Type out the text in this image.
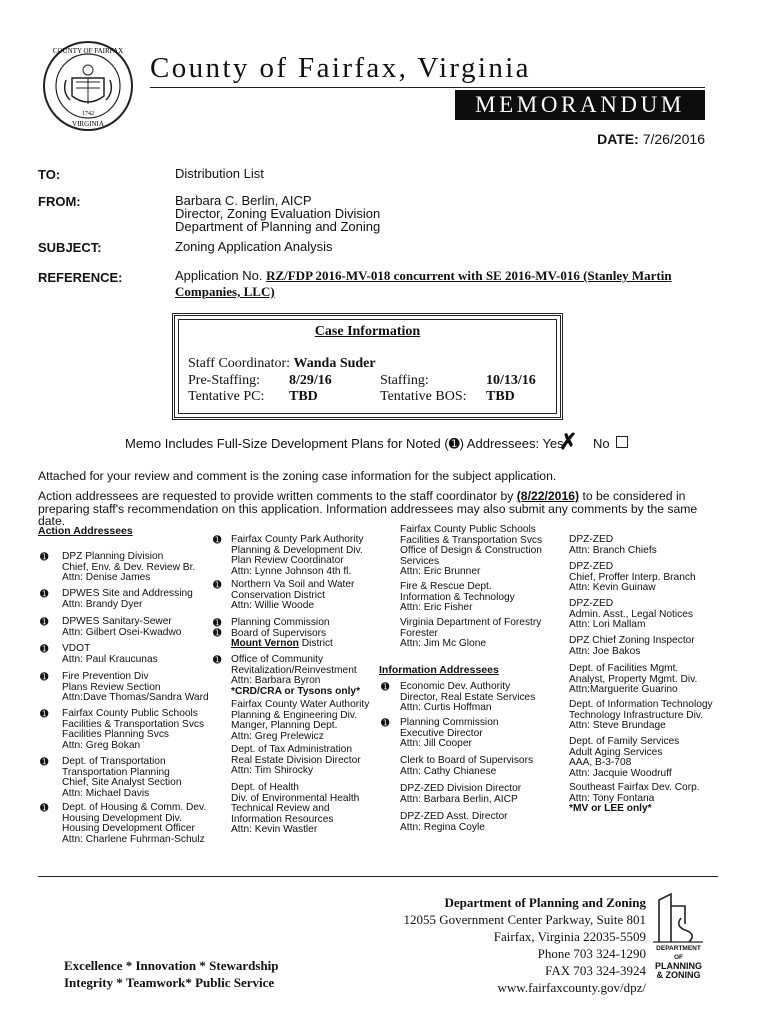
COUNTY OF FAIRFAX
VIRGINIA
1742
County of Fairfax, Virginia
MEMORANDUM
DATE: 7/26/2016
TO:	Distribution List
FROM:	Barbara C. Berlin, AICP
Director, Zoning Evaluation Division
Department of Planning and Zoning
SUBJECT:	Zoning Application Analysis
REFERENCE:	Application No. RZ/FDP 2016-MV-018 concurrent with SE 2016-MV-016 (Stanley Martin Companies, LLC)
Case Information
Staff Coordinator: Wanda Suder
Pre-Staffing: 8/29/16	Staffing:	10/13/16
Tentative PC: TBD	Tentative BOS: TBD
Memo Includes Full-Size Development Plans for Noted (➊) Addressees: Yes
✗ No
Attached for your review and comment is the zoning case information for the subject application.
Action addressees are requested to provide written comments to the staff coordinator by (8/22/2016) to be considered in preparing staff's recommendation on this application. Information addressees may also submit any comments by the same date.
Action Addressees
➊ DPZ Planning Division
Chief, Env. & Dev. Review Br.
Attn: Denise James
➊ DPWES Site and Addressing
Attn: Brandy Dyer
➊ DPWES Sanitary-Sewer
Attn: Gilbert Osei-Kwadwo
➊ VDOT
Attn: Paul Kraucunas
➊ Fire Prevention Div
Plans Review Section
Attn:Dave Thomas/Sandra Ward
➊ Fairfax County Public Schools
Facilities & Transportation Svcs
Facilities Planning Svcs
Attn: Greg Bokan
➊ Dept. of Transportation
Transportation Planning
Chief, Site Analyst Section
Attn: Michael Davis
➊ Dept. of Housing & Comm. Dev.
Housing Development Div.
Housing Development Officer
Attn: Charlene Fuhrman-Schulz
➊ Fairfax County Park Authority
Planning & Development Div.
Plan Review Coordinator
Attn: Lynne Johnson 4th fl.
➊ Northern Va Soil and Water
Conservation District
Attn: Willie Woode
➊
➊
Planning Commission
Board of Supervisors
Mount Vernon District
➊ Office of Community
Revitalization/Reinvestment
Attn: Barbara Byron
*CRD/CRA or Tysons only*
Fairfax County Water Authority
Planning & Engineering Div.
Manger, Planning Dept.
Attn: Greg Prelewicz
Dept. of Tax Administration
Real Estate Division Director
Attn: Tim Shirocky
Dept. of Health
Div. of Environmental Health
Technical Review and
Information Resources
Attn: Kevin Wastler
Fairfax County Public Schools
Facilities & Transportation Svcs
Office of Design & Construction
Services
Attn: Eric Brunner
Fire & Rescue Dept.
Information & Technology
Attn: Eric Fisher
Virginia Department of Forestry
Forester
Attn: Jim Mc Glone
Information Addressees
➊ Economic Dev. Authority
Director, Real Estate Services
Attn: Curtis Hoffman
➊ Planning Commission
Executive Director
Attn: Jill Cooper
Clerk to Board of Supervisors
Attn: Cathy Chianese
DPZ-ZED Division Director
Attn: Barbara Berlin, AICP
DPZ-ZED Asst. Director
Attn: Regina Coyle
DPZ-ZED
Attn: Branch Chiefs
DPZ-ZED
Chief, Proffer Interp. Branch
Attn: Kevin Guinaw
DPZ-ZED
Admin. Asst., Legal Notices
Attn: Lori Mallam
DPZ Chief Zoning Inspector
Attn: Joe Bakos
Dept. of Facilities Mgmt.
Analyst, Property Mgmt. Div.
Attn:Marguerite Guarino
Dept. of Information Technology
Technology Infrastructure Div.
Attn: Steve Brundage
Dept. of Family Services
Adult Aging Services
AAA, B-3-708
Attn: Jacquie Woodruff
Southeast Fairfax Dev. Corp.
Attn: Tony Fontana
*MV or LEE only*
Department of Planning and Zoning
12055 Government Center Parkway, Suite 801
Fairfax, Virginia 22035-5509
Phone 703 324-1290
FAX 703 324-3924
www.fairfaxcounty.gov/dpz/
DEPARTMENT OF
PLANNING
& ZONING
Excellence * Innovation * Stewardship
Integrity * Teamwork* Public Service
